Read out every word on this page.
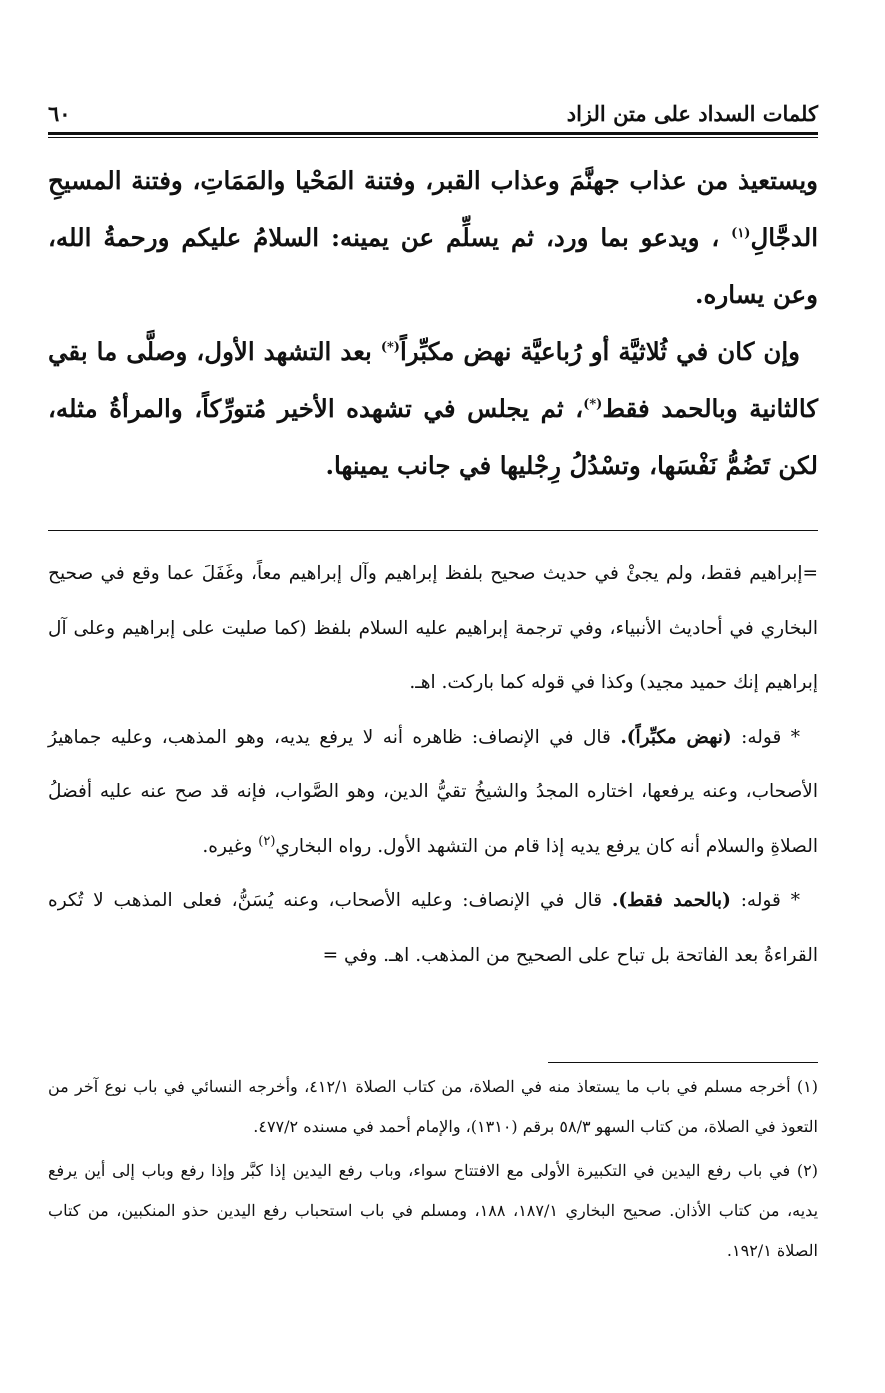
كلمات السداد على متن الزاد
٦٠

ويستعيذ من عذاب جهنَّمَ وعذاب القبر، وفتنة المَحْيا والمَمَاتِ، وفتنة المسيحِ الدجَّالِ$^{(١)}$ ، ويدعو بما ورد، ثم يسلِّم عن يمينه: السلامُ عليكم ورحمةُ الله، وعن يساره.

وإن كان في ثُلاثيَّة أو رُباعيَّة نهض مكبِّراً(*) بعد التشهد الأول، وصلَّى ما بقي كالثانية وبالحمد فقط(*)، ثم يجلس في تشهده الأخير مُتورِّكاً، والمرأةُ مثله، لكن تَضُمُّ نَفْسَها، وتسْدُلُ رِجْليها في جانب يمينها.

=إبراهيم فقط، ولم يجئْ في حديث صحيح بلفظ إبراهيم وآل إبراهيم معاً، وغَفَلَ عما وقع في صحيح البخاري في أحاديث الأنبياء، وفي ترجمة إبراهيم عليه السلام بلفظ (كما صليت على إبراهيم وعلى آل إبراهيم إنك حميد مجيد) وكذا في قوله كما باركت. اهـ.

* قوله: (نهض مكبِّراً). قال في الإنصاف: ظاهره أنه لا يرفع يديه، وهو المذهب، وعليه جماهيرُ الأصحاب، وعنه يرفعها، اختاره المجدُ والشيخُ تقيُّ الدين، وهو الصَّواب، فإنه قد صح عنه عليه أفضلُ الصلاةِ والسلام أنه كان يرفع يديه إذا قام من التشهد الأول. رواه البخاري$^{(٢)}$ وغيره.

* قوله: (بالحمد فقط). قال في الإنصاف: وعليه الأصحاب، وعنه يُسَنُّ، فعلى المذهب لا تُكره القراءةُ بعد الفاتحة بل تباح على الصحيح من المذهب. اهـ. وفي =

(١) أخرجه مسلم في باب ما يستعاذ منه في الصلاة، من كتاب الصلاة ٤١٢/١، وأخرجه النسائي في باب نوع آخر من التعوذ في الصلاة، من كتاب السهو ٥٨/٣ برقم (١٣١٠)، والإمام أحمد في مسنده ٤٧٧/٢.

(٢) في باب رفع اليدين في التكبيرة الأولى مع الافتتاح سواء، وباب رفع اليدين إذا كبَّر وإذا رفع وباب إلى أين يرفع يديه، من كتاب الأذان. صحيح البخاري ١٨٧/١، ١٨٨، ومسلم في باب استحباب رفع اليدين حذو المنكبين، من كتاب الصلاة ١٩٢/١.
